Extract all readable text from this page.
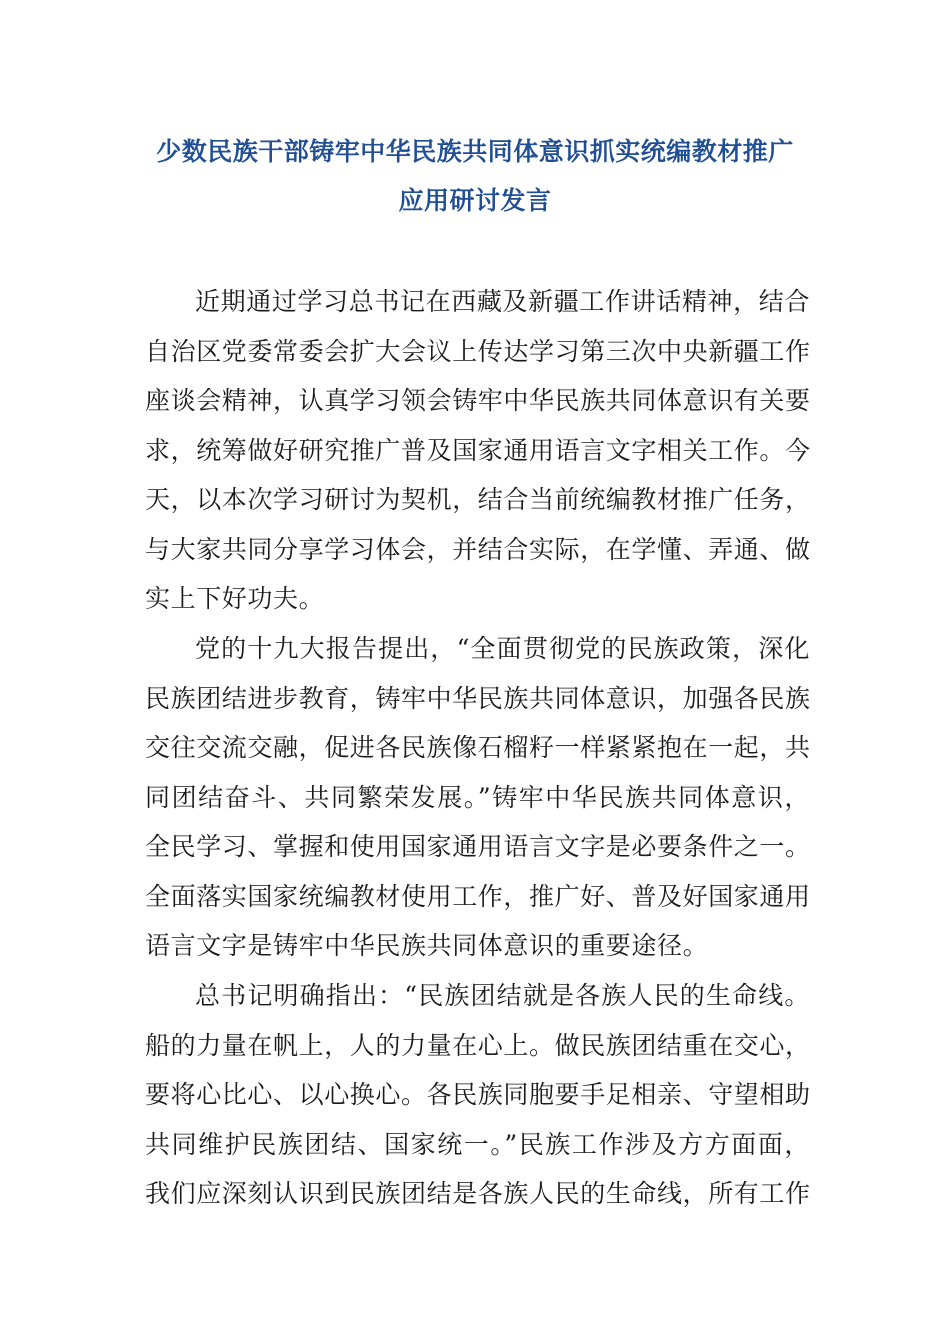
少数民族干部铸牢中华民族共同体意识抓实统编教材推广
应用研讨发言
近期通过学习总书记在西藏及新疆工作讲话精神，结合
自治区党委常委会扩大会议上传达学习第三次中央新疆工作
座谈会精神，认真学习领会铸牢中华民族共同体意识有关要
求，统筹做好研究推广普及国家通用语言文字相关工作。今
天，以本次学习研讨为契机，结合当前统编教材推广任务，
与大家共同分享学习体会，并结合实际，在学懂、弄通、做
实上下好功夫。
党的十九大报告提出，“全面贯彻党的民族政策，深化
民族团结进步教育，铸牢中华民族共同体意识，加强各民族
交往交流交融，促进各民族像石榴籽一样紧紧抱在一起，共
同团结奋斗、共同繁荣发展。”铸牢中华民族共同体意识，
全民学习、掌握和使用国家通用语言文字是必要条件之一。
全面落实国家统编教材使用工作，推广好、普及好国家通用
语言文字是铸牢中华民族共同体意识的重要途径。
总书记明确指出：“民族团结就是各族人民的生命线。
船的力量在帆上，人的力量在心上。做民族团结重在交心，
要将心比心、以心换心。各民族同胞要手足相亲、守望相助
共同维护民族团结、国家统一。”民族工作涉及方方面面，
我们应深刻认识到民族团结是各族人民的生命线，所有工作
